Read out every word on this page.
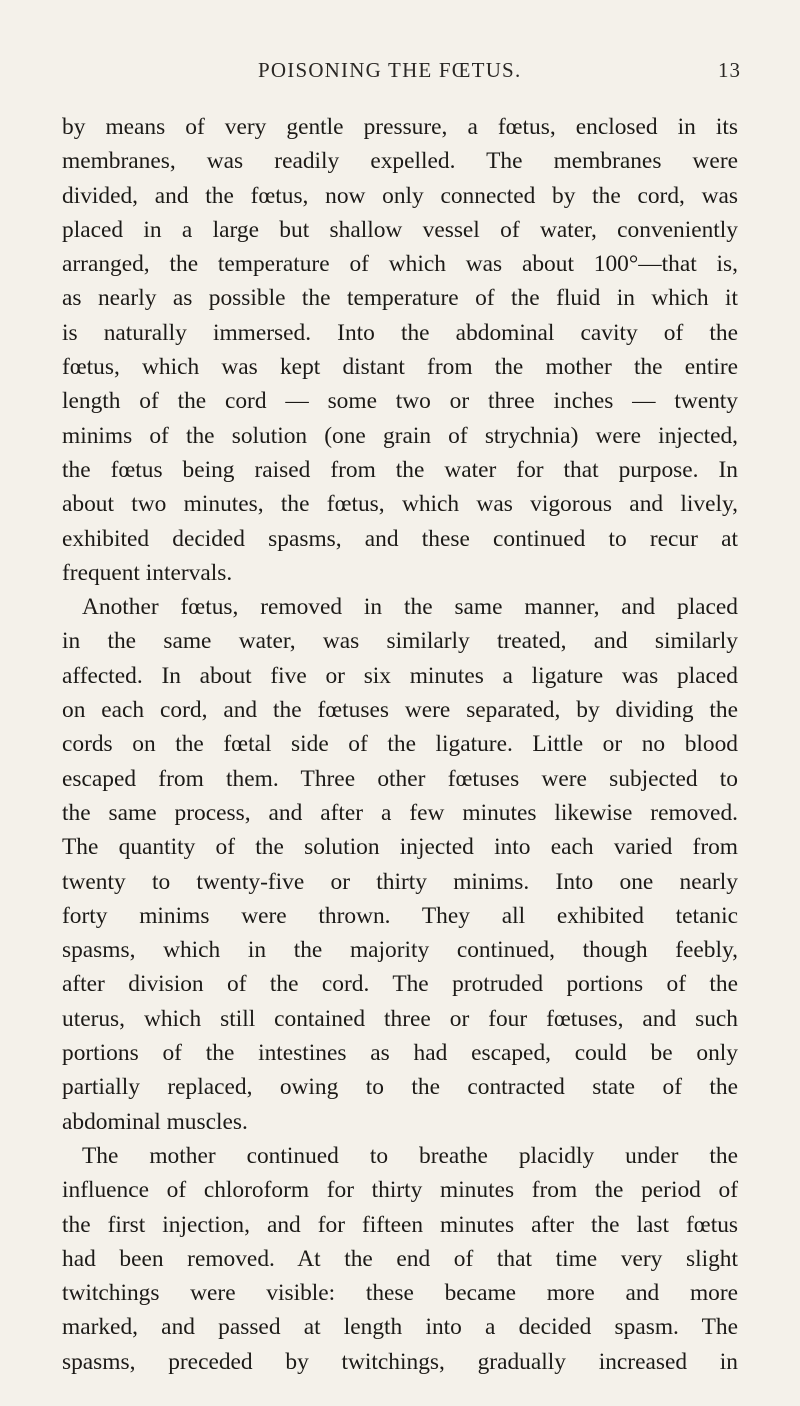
POISONING THE FŒTUS.	13
by means of very gentle pressure, a fœtus, enclosed in its
membranes, was readily expelled. The membranes were
divided, and the fœtus, now only connected by the cord, was
placed in a large but shallow vessel of water, conveniently
arranged, the temperature of which was about 100°—that is,
as nearly as possible the temperature of the fluid in which it
is naturally immersed. Into the abdominal cavity of the
fœtus, which was kept distant from the mother the entire
length of the cord — some two or three inches — twenty
minims of the solution (one grain of strychnia) were injected,
the fœtus being raised from the water for that purpose. In
about two minutes, the fœtus, which was vigorous and lively,
exhibited decided spasms, and these continued to recur at
frequent intervals.
Another fœtus, removed in the same manner, and placed
in the same water, was similarly treated, and similarly
affected. In about five or six minutes a ligature was placed
on each cord, and the fœtuses were separated, by dividing the
cords on the fœtal side of the ligature. Little or no blood
escaped from them. Three other fœtuses were subjected to
the same process, and after a few minutes likewise removed.
The quantity of the solution injected into each varied from
twenty to twenty-five or thirty minims. Into one nearly
forty minims were thrown. They all exhibited tetanic
spasms, which in the majority continued, though feebly,
after division of the cord. The protruded portions of the
uterus, which still contained three or four fœtuses, and such
portions of the intestines as had escaped, could be only
partially replaced, owing to the contracted state of the
abdominal muscles.
The mother continued to breathe placidly under the
influence of chloroform for thirty minutes from the period of
the first injection, and for fifteen minutes after the last fœtus
had been removed. At the end of that time very slight
twitchings were visible: these became more and more
marked, and passed at length into a decided spasm. The
spasms, preceded by twitchings, gradually increased in
